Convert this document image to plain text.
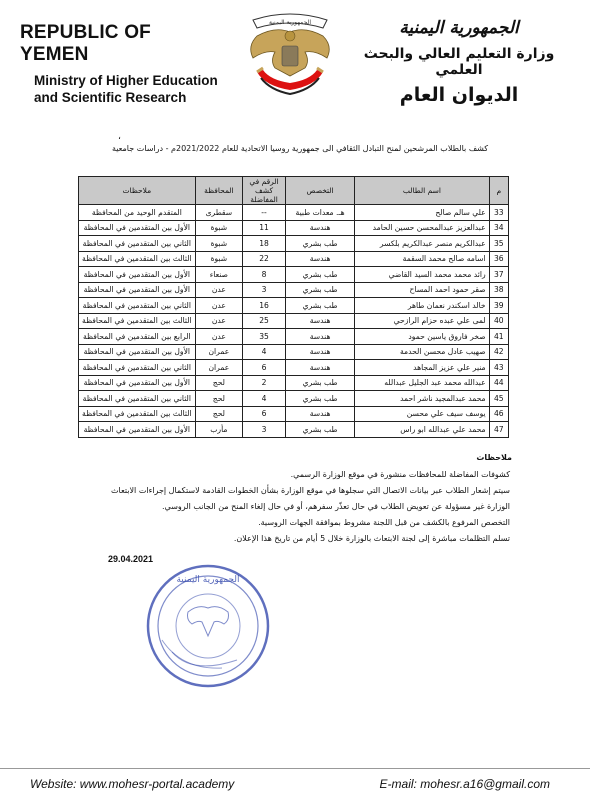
REPUBLIC OF YEMEN
Ministry of Higher Education
and Scientific Research
الجمهورية اليمنية	الجمهورية اليمنية
وزارة التعليم العالي والبحث العلمي
الديوان العام
،
كشف بالطلاب المرشحين لمنح التبادل الثقافي الى جمهورية روسيا الاتحادية للعام 2021/2022م - دراسات جامعية
م	اسم الطالب	التخصص	الرقم في كشف المفاضلة	المحافظة	ملاحظات
33	علي سالم صالح	هـ. معدات طبية	--	سقطرى	المتقدم الوحيد من المحافظة
34	عبدالعزيز عبدالمحسن حسين الحامد	هندسة	11	شبوة	الأول بين المتقدمين في المحافظة
35	عبدالكريم منصر عبدالكريم بلكسر	طب بشري	18	شبوة	الثاني بين المتقدمين في المحافظة
36	اسامه صالح محمد السقمة	هندسة	22	شبوة	الثالث بين المتقدمين في المحافظة
37	رائد محمد محمد السيد القاضي	طب بشري	8	صنعاء	الأول بين المتقدمين في المحافظة
38	صقر حمود احمد المساح	طب بشري	3	عدن	الأول بين المتقدمين في المحافظة
39	خالد اسكندر نعمان طاهر	طب بشري	16	عدن	الثاني بين المتقدمين في المحافظة
40	لمى علي عبده حزام الرازحي	هندسة	25	عدن	الثالث بين المتقدمين في المحافظة
41	صخر فاروق ياسين حمود	هندسة	35	عدن	الرابع بين المتقدمين في المحافظة
42	صهيب عادل محسن الحدمة	هندسة	4	عمران	الأول بين المتقدمين في المحافظة
43	منير علي عزيز المجاهد	هندسة	6	عمران	الثاني بين المتقدمين في المحافظة
44	عبدالله محمد عبد الجليل عبدالله	طب بشري	2	لحج	الأول بين المتقدمين في المحافظة
45	محمد عبدالمجيد ناشر احمد	طب بشري	4	لحج	الثاني بين المتقدمين في المحافظة
46	يوسف سيف علي محسن	هندسة	6	لحج	الثالث بين المتقدمين في المحافظة
47	محمد علي عبدالله ابو راس	طب بشري	3	مأرب	الأول بين المتقدمين في المحافظة
ملاحظات

كشوفات المفاضلة للمحافظات منشورة في موقع الوزارة الرسمي.

سيتم إشعار الطلاب عبر بيانات الاتصال التي سجلوها في موقع الوزارة بشأن الخطوات القادمة لاستكمال إجراءات الابتعاث

الوزارة غير مسؤولة عن تعويض الطلاب في حال تعذّر سفرهم، أو في حال إلغاء المنح من الجانب الروسي.

التخصص المرفوع بالكشف من قبل اللجنة مشروط بموافقة الجهات الروسية.

تسلم التظلمات مباشرة إلى لجنة الابتعاث بالوزارة خلال 5 أيام من تاريخ هذا الإعلان.

29.04.2021
الجمهورية اليمنية
Website: www.mohesr-portal.academy	E-mail: mohesr.a16@gmail.com
